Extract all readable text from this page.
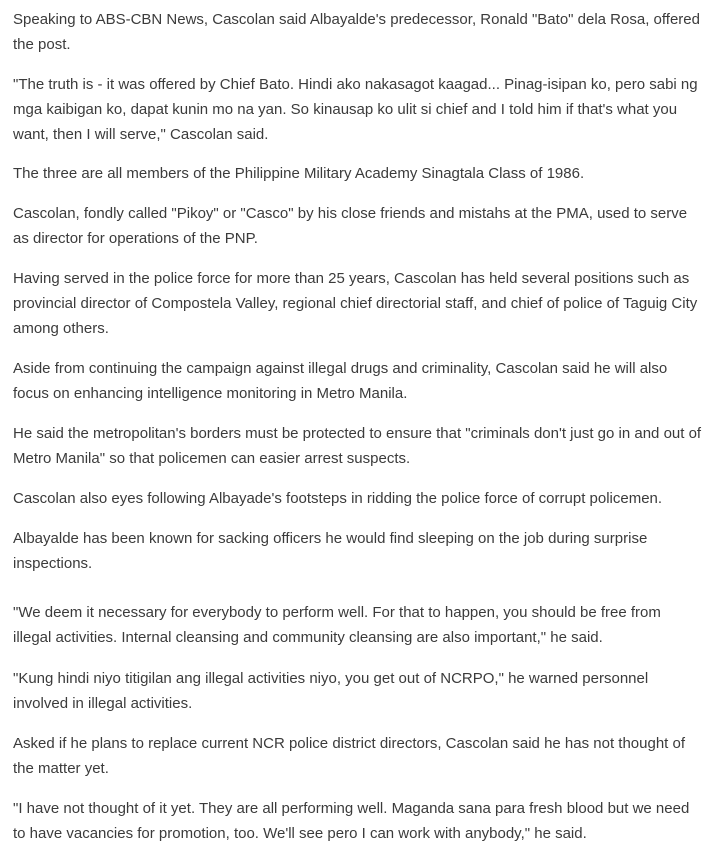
Speaking to ABS-CBN News, Cascolan said Albayalde's predecessor, Ronald "Bato" dela Rosa, offered the post.

"The truth is - it was offered by Chief Bato. Hindi ako nakasagot kaagad... Pinag-isipan ko, pero sabi ng mga kaibigan ko, dapat kunin mo na yan. So kinausap ko ulit si chief and I told him if that's what you want, then I will serve," Cascolan said.

The three are all members of the Philippine Military Academy Sinagtala Class of 1986.

Cascolan, fondly called "Pikoy" or "Casco" by his close friends and mistahs at the PMA, used to serve as director for operations of the PNP.

Having served in the police force for more than 25 years, Cascolan has held several positions such as provincial director of Compostela Valley, regional chief directorial staff, and chief of police of Taguig City among others.

Aside from continuing the campaign against illegal drugs and criminality, Cascolan said he will also focus on enhancing intelligence monitoring in Metro Manila.

He said the metropolitan's borders must be protected to ensure that "criminals don't just go in and out of Metro Manila" so that policemen can easier arrest suspects.

Cascolan also eyes following Albayade's footsteps in ridding the police force of corrupt policemen.

Albayalde has been known for sacking officers he would find sleeping on the job during surprise inspections.

"We deem it necessary for everybody to perform well. For that to happen, you should be free from illegal activities. Internal cleansing and community cleansing are also important," he said.

"Kung hindi niyo titigilan ang illegal activities niyo, you get out of NCRPO," he warned personnel involved in illegal activities.

Asked if he plans to replace current NCR police district directors, Cascolan said he has not thought of the matter yet.

"I have not thought of it yet. They are all performing well. Maganda sana para fresh blood but we need to have vacancies for promotion, too. We'll see pero I can work with anybody," he said.
